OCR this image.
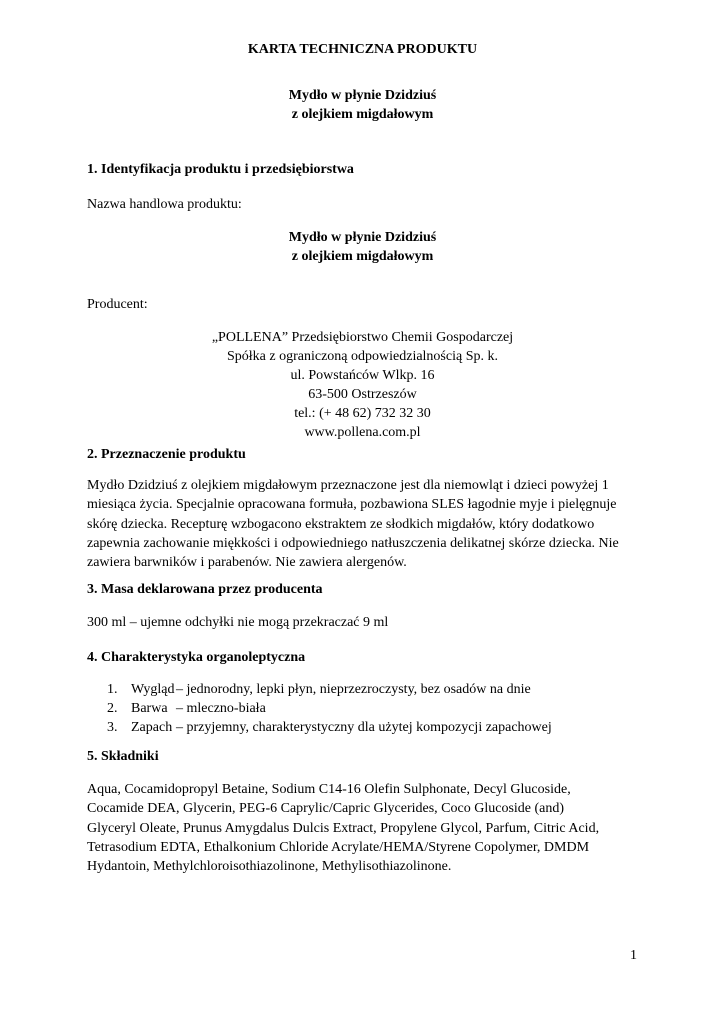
KARTA TECHNICZNA PRODUKTU
Mydło w płynie Dzidziuś
z olejkiem migdałowym
1. Identyfikacja produktu i przedsiębiorstwa
Nazwa handlowa produktu:
Mydło w płynie Dzidziuś
z olejkiem migdałowym
Producent:
„POLLENA” Przedsiębiorstwo Chemii Gospodarczej
Spółka z ograniczoną odpowiedzialnością Sp. k.
ul. Powstańców Wlkp. 16
63-500 Ostrzeszów
tel.: (+ 48 62) 732 32 30
www.pollena.com.pl
2. Przeznaczenie produktu
Mydło Dzidziuś z olejkiem migdałowym przeznaczone jest dla niemowląt i dzieci powyżej 1
miesiąca życia. Specjalnie opracowana formuła, pozbawiona SLES łagodnie myje i pielęgnuje
skórę dziecka. Recepturę wzbogacono ekstraktem ze słodkich migdałów, który dodatkowo
zapewnia zachowanie miękkości i odpowiedniego natłuszczenia delikatnej skórze dziecka. Nie
zawiera barwników i parabenów. Nie zawiera alergenów.
3. Masa deklarowana przez producenta
300 ml – ujemne odchyłki nie mogą przekraczać 9 ml
4. Charakterystyka organoleptyczna
1. Wygląd – jednorodny, lepki płyn, nieprzezroczysty, bez osadów na dnie
2. Barwa – mleczno-biała
3. Zapach – przyjemny, charakterystyczny dla użytej kompozycji zapachowej
5. Składniki
Aqua, Cocamidopropyl Betaine, Sodium C14-16 Olefin Sulphonate, Decyl Glucoside,
Cocamide DEA, Glycerin, PEG-6 Caprylic/Capric Glycerides, Coco Glucoside (and)
Glyceryl Oleate, Prunus Amygdalus Dulcis Extract, Propylene Glycol, Parfum, Citric Acid,
Tetrasodium EDTA, Ethalkonium Chloride Acrylate/HEMA/Styrene Copolymer, DMDM
Hydantoin, Methylchloroisothiazolinone, Methylisothiazolinone.
1
